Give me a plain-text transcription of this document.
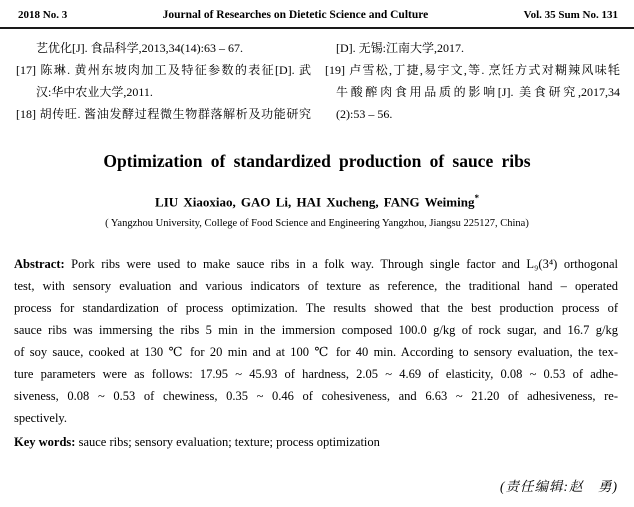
2018 No. 3	Journal of Researches on Dietetic Science and Culture	Vol. 35 Sum No. 131
艺优化[J]. 食品科学,2013,34(14):63 – 67.
[17] 陈琳. 黄州东坡肉加工及特征参数的表征[D]. 武
汉:华中农业大学,2011.
[18] 胡传旺. 酱油发酵过程微生物群落解析及功能研究
[D]. 无锡:江南大学,2017.
[19] 卢雪松,丁捷,易宇文,等. 烹饪方式对糊辣风味牦
牛酸醡肉食用品质的影响[J]. 美食研究,2017,34
(2):53 – 56.
Optimization of standardized production of sauce ribs
LIU Xiaoxiao, GAO Li, HAI Xucheng, FANG Weiming*
( Yangzhou University, College of Food Science and Engineering Yangzhou, Jiangsu 225127, China)
Abstract: Pork ribs were used to make sauce ribs in a folk way. Through single factor and L₉(3⁴) orthogonal
test, with sensory evaluation and various indicators of texture as reference, the traditional hand – operated
process for standardization of process optimization. The results showed that the best production process of
sauce ribs was immersing the ribs 5 min in the immersion composed 100.0 g/kg of rock sugar, and 16.7 g/kg
of soy sauce, cooked at 130 ℃ for 20 min and at 100 ℃ for 40 min. According to sensory evaluation, the tex-
ture parameters were as follows: 17.95 ~ 45.93 of hardness, 2.05 ~ 4.69 of elasticity, 0.08 ~ 0.53 of adhe-
siveness, 0.08 ~ 0.53 of chewiness, 0.35 ~ 0.46 of cohesiveness, and 6.63 ~ 21.20 of adhesiveness, re-
spectively.
Key words: sauce ribs; sensory evaluation; texture; process optimization
(责任编辑:赵　勇)
